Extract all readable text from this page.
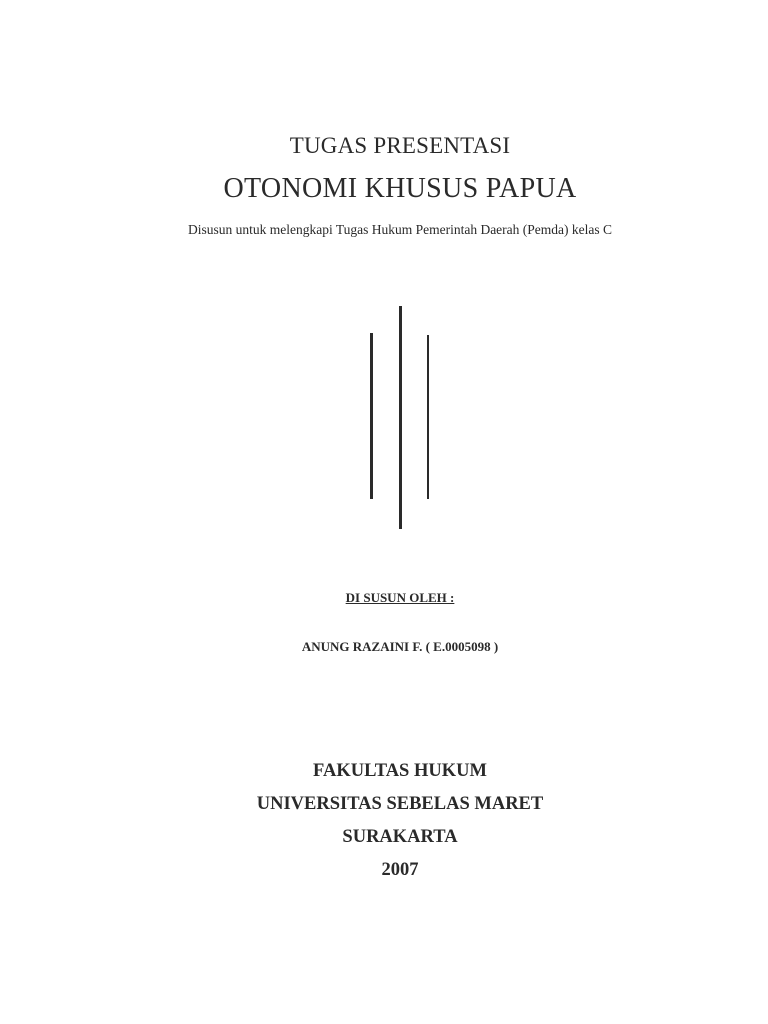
TUGAS PRESENTASI
OTONOMI KHUSUS PAPUA
Disusun untuk melengkapi Tugas Hukum Pemerintah Daerah (Pemda) kelas C
DI SUSUN OLEH :
ANUNG RAZAINI F. ( E.0005098 )
FAKULTAS HUKUM
UNIVERSITAS SEBELAS MARET
SURAKARTA
2007
